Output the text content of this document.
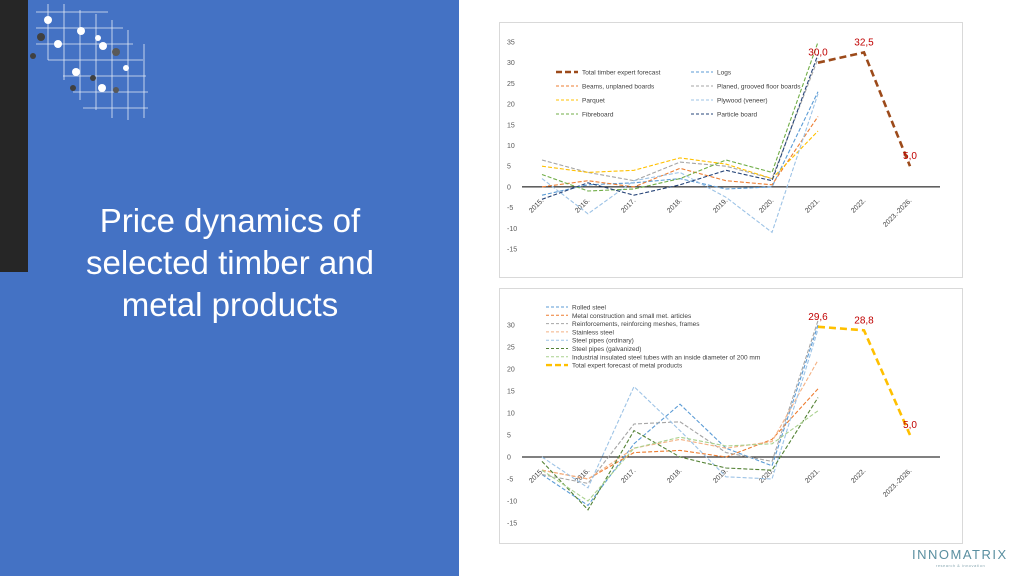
Price dynamics of
selected timber and
metal products
35
30
25
20
15
10
5
0
-5
-10
-15
2015.	2016.	2017.	2018.	2019.	2020.	2021.	2022. 2023.-2026.
30,0
32,5
5,0
Total timber expert forecast	Logs
Beams, unplaned boards	Planed, grooved floor boards
Parquet	Plywood (veneer)
Fibreboard	Particle board
30
25
20
15
10
5
0
-5
-10
-15
2015.	2016.	2017.	2018.	2019.	2020.	2021.	2022. 2023.-2026.
29,6	28,8
5,0
Rolled steel
Metal construction and small met. articles
Reinforcements, reinforcing meshes, frames
Stainless steel
Steel pipes (ordinary)
Steel pipes (galvanized)
Industrial insulated steel tubes with an inside diameter of 200 mm
Total expert forecast of metal products
INNOMATRIX
research & innovation
